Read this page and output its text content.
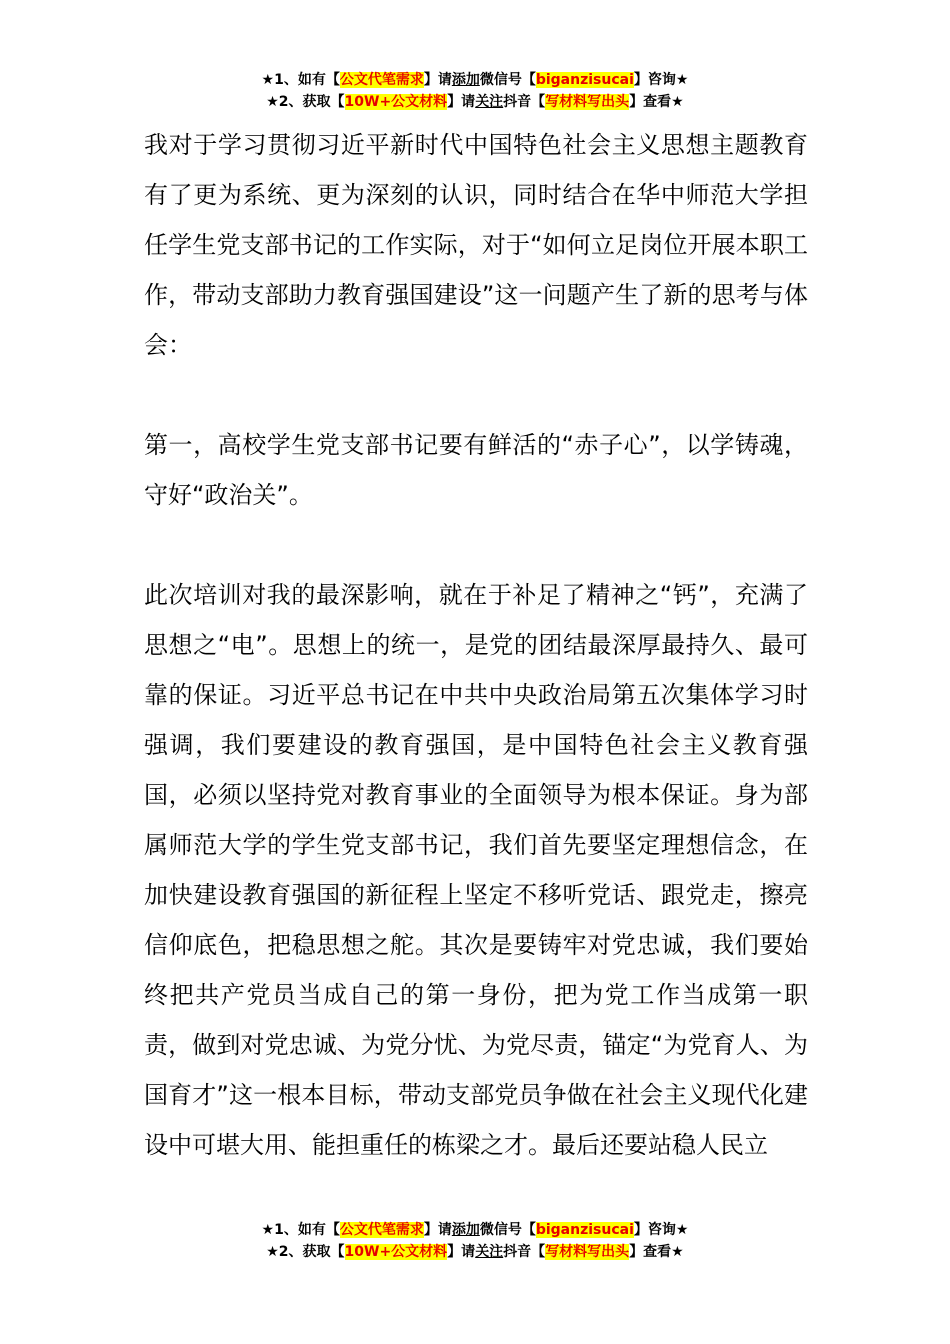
★1、如有【公文代笔需求】请添加微信号【biganzisucai】咨询★
★2、获取【10W+公文材料】请关注抖音【写材料写出头】查看★

我对于学习贯彻习近平新时代中国特色社会主义思想主题教育有了更为系统、更为深刻的认识，同时结合在华中师范大学担任学生党支部书记的工作实际，对于“如何立足岗位开展本职工作，带动支部助力教育强国建设”这一问题产生了新的思考与体会：

第一，高校学生党支部书记要有鲜活的“赤子心”，以学铸魂，守好“政治关”。

此次培训对我的最深影响，就在于补足了精神之“钙”，充满了思想之“电”。思想上的统一，是党的团结最深厚最持久、最可靠的保证。习近平总书记在中共中央政治局第五次集体学习时强调，我们要建设的教育强国，是中国特色社会主义教育强国，必须以坚持党对教育事业的全面领导为根本保证。身为部属师范大学的学生党支部书记，我们首先要坚定理想信念，在加快建设教育强国的新征程上坚定不移听党话、跟党走，擦亮信仰底色，把稳思想之舵。其次是要铸牢对党忠诚，我们要始终把共产党员当成自己的第一身份，把为党工作当成第一职责，做到对党忠诚、为党分忧、为党尽责，锚定“为党育人、为国育才”这一根本目标，带动支部党员争做在社会主义现代化建设中可堪大用、能担重任的栋梁之才。最后还要站稳人民立

★1、如有【公文代笔需求】请添加微信号【biganzisucai】咨询★
★2、获取【10W+公文材料】请关注抖音【写材料写出头】查看★
